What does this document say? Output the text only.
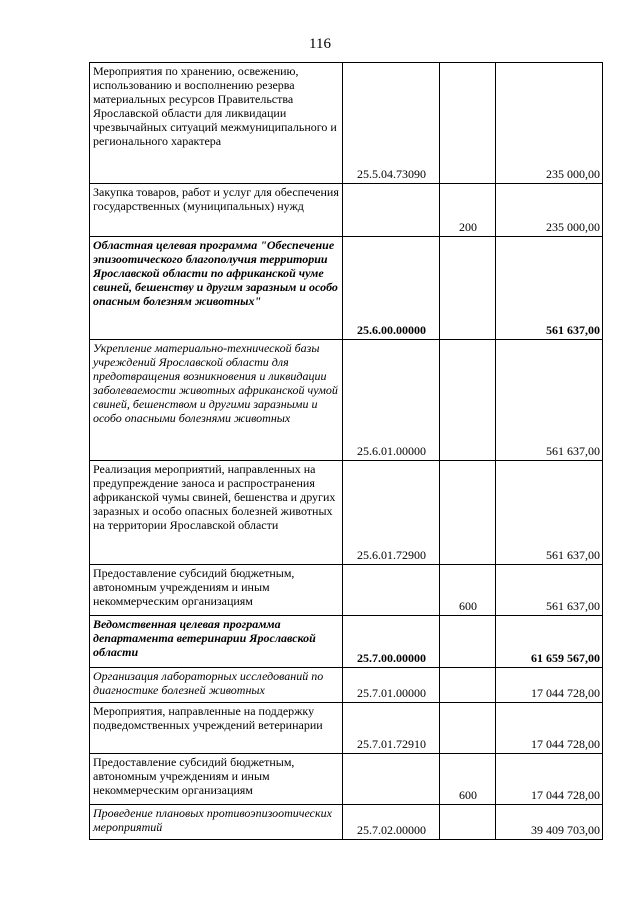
116
Мероприятия по хранению, освежению, использованию и восполнению резерва материальных ресурсов Правительства Ярославской области для ликвидации чрезвычайных ситуаций межмуниципального и регионального характера	25.5.04.73090		235 000,00
Закупка товаров, работ и услуг для обеспечения государственных (муниципальных) нужд		200	235 000,00
Областная целевая программа "Обеспечение эпизоотического благополучия территории Ярославской области по африканской чуме свиней, бешенству и другим заразным и особо опасным болезням животных"	25.6.00.00000		561 637,00
Укрепление материально-технической базы учреждений Ярославской области для предотвращения возникновения и ликвидации заболеваемости животных африканской чумой свиней, бешенством и другими заразными и особо опасными болезнями животных	25.6.01.00000		561 637,00
Реализация мероприятий, направленных на предупреждение заноса и распространения африканской чумы свиней, бешенства и других заразных и особо опасных болезней животных на территории Ярославской области	25.6.01.72900		561 637,00
Предоставление субсидий бюджетным, автономным учреждениям и иным некоммерческим организациям		600	561 637,00
Ведомственная целевая программа департамента ветеринарии Ярославской области	25.7.00.00000		61 659 567,00
Организация лабораторных исследований по диагностике болезней животных	25.7.01.00000		17 044 728,00
Мероприятия, направленные на поддержку подведомственных учреждений ветеринарии	25.7.01.72910		17 044 728,00
Предоставление субсидий бюджетным, автономным учреждениям и иным некоммерческим организациям		600	17 044 728,00
Проведение плановых противоэпизоотических мероприятий	25.7.02.00000		39 409 703,00
